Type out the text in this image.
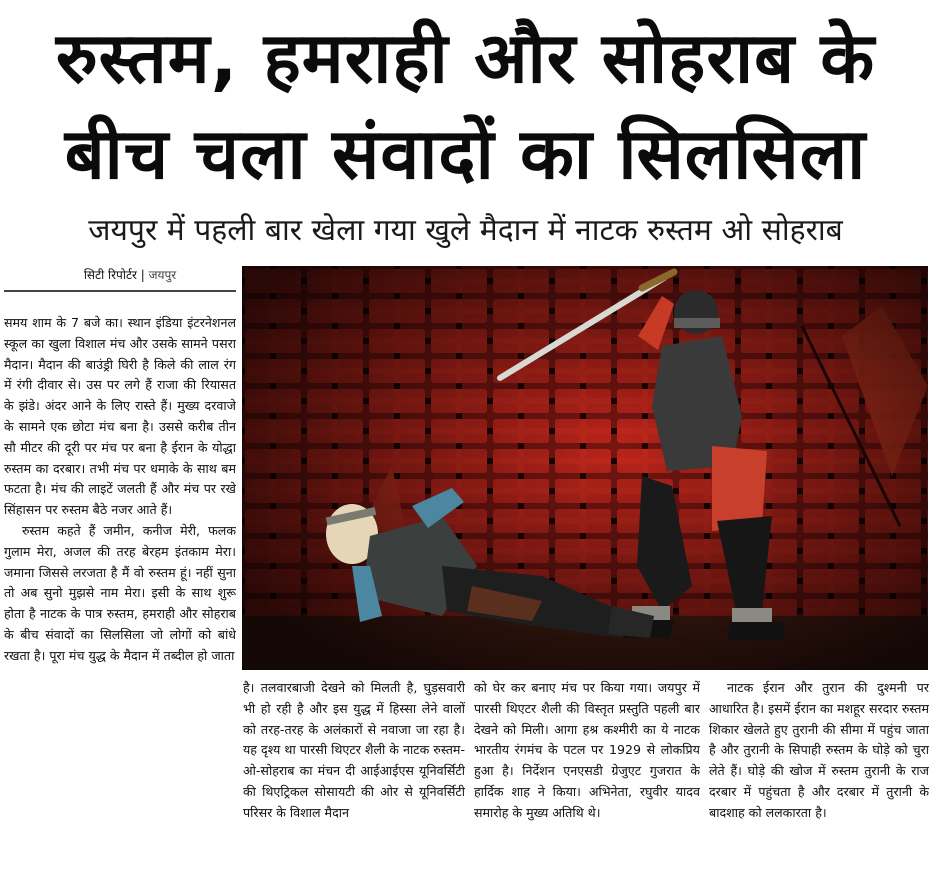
रुस्तम, हमराही और सोहराब के
बीच चला संवादों का सिलसिला
जयपुर में पहली बार खेला गया खुले मैदान में नाटक रुस्तम ओ सोहराब
सिटी रिपोर्टर | जयपुर

समय शाम के 7 बजे का। स्थान इंडिया इंटरनेशनल स्कूल का खुला विशाल मंच और उसके सामने पसरा मैदान। मैदान की बाउंड्री घिरी है किले की लाल रंग में रंगी दीवार से। उस पर लगे हैं राजा की रियासत के झंडे। अंदर आने के लिए रास्ते हैं। मुख्य दरवाजे के सामने एक छोटा मंच बना है। उससे करीब तीन सौ मीटर की दूरी पर मंच पर बना है ईरान के योद्धा रुस्तम का दरबार। तभी मंच पर धमाके के साथ बम फटता है। मंच की लाइटें जलती हैं और मंच पर रखे सिंहासन पर रुस्तम बैठे नजर आते हैं।

रुस्तम कहते हैं जमीन, कनीज मेरी, फलक गुलाम मेरा, अजल की तरह बेरहम इंतकाम मेरा। जमाना जिससे लरजता है मैं वो रुस्तम हूं। नहीं सुना तो अब सुनो मुझसे नाम मेरा। इसी के साथ शुरू होता है नाटक के पात्र रुस्तम, हमराही और सोहराब के बीच संवादों का सिलसिला जो लोगों को बांधे रखता है। पूरा मंच युद्ध के मैदान में तब्दील हो जाता

है। तलवारबाजी देखने को मिलती है, घुड़सवारी भी हो रही है और इस युद्ध में हिस्सा लेने वालों को तरह-तरह के अलंकारों से नवाजा जा रहा है। यह दृश्य था पारसी थिएटर शैली के नाटक रुस्तम-ओ-सोहराब का मंचन दी आईआईएस यूनिवर्सिटी की थिएट्रिकल सोसायटी की ओर से यूनिवर्सिटी परिसर के विशाल मैदान

को घेर कर बनाए मंच पर किया गया। जयपुर में पारसी थिएटर शैली की विस्तृत प्रस्तुति पहली बार देखने को मिली। आगा हश्र कश्मीरी का ये नाटक भारतीय रंगमंच के पटल पर 1929 से लोकप्रिय हुआ है। निर्देशन एनएसडी ग्रेजुएट गुजरात के हार्दिक शाह ने किया। अभिनेता, रघुवीर यादव समारोह के मुख्य अतिथि थे।

नाटक ईरान और तुरान की दुश्मनी पर आधारित है। इसमें ईरान का मशहूर सरदार रुस्तम शिकार खेलते हुए तुरानी की सीमा में पहुंच जाता है और तुरानी के सिपाही रुस्तम के घोड़े को चुरा लेते हैं। घोड़े की खोज में रुस्तम तुरानी के राज दरबार में पहुंचता है और दरबार में तुरानी के बादशाह को ललकारता है।
